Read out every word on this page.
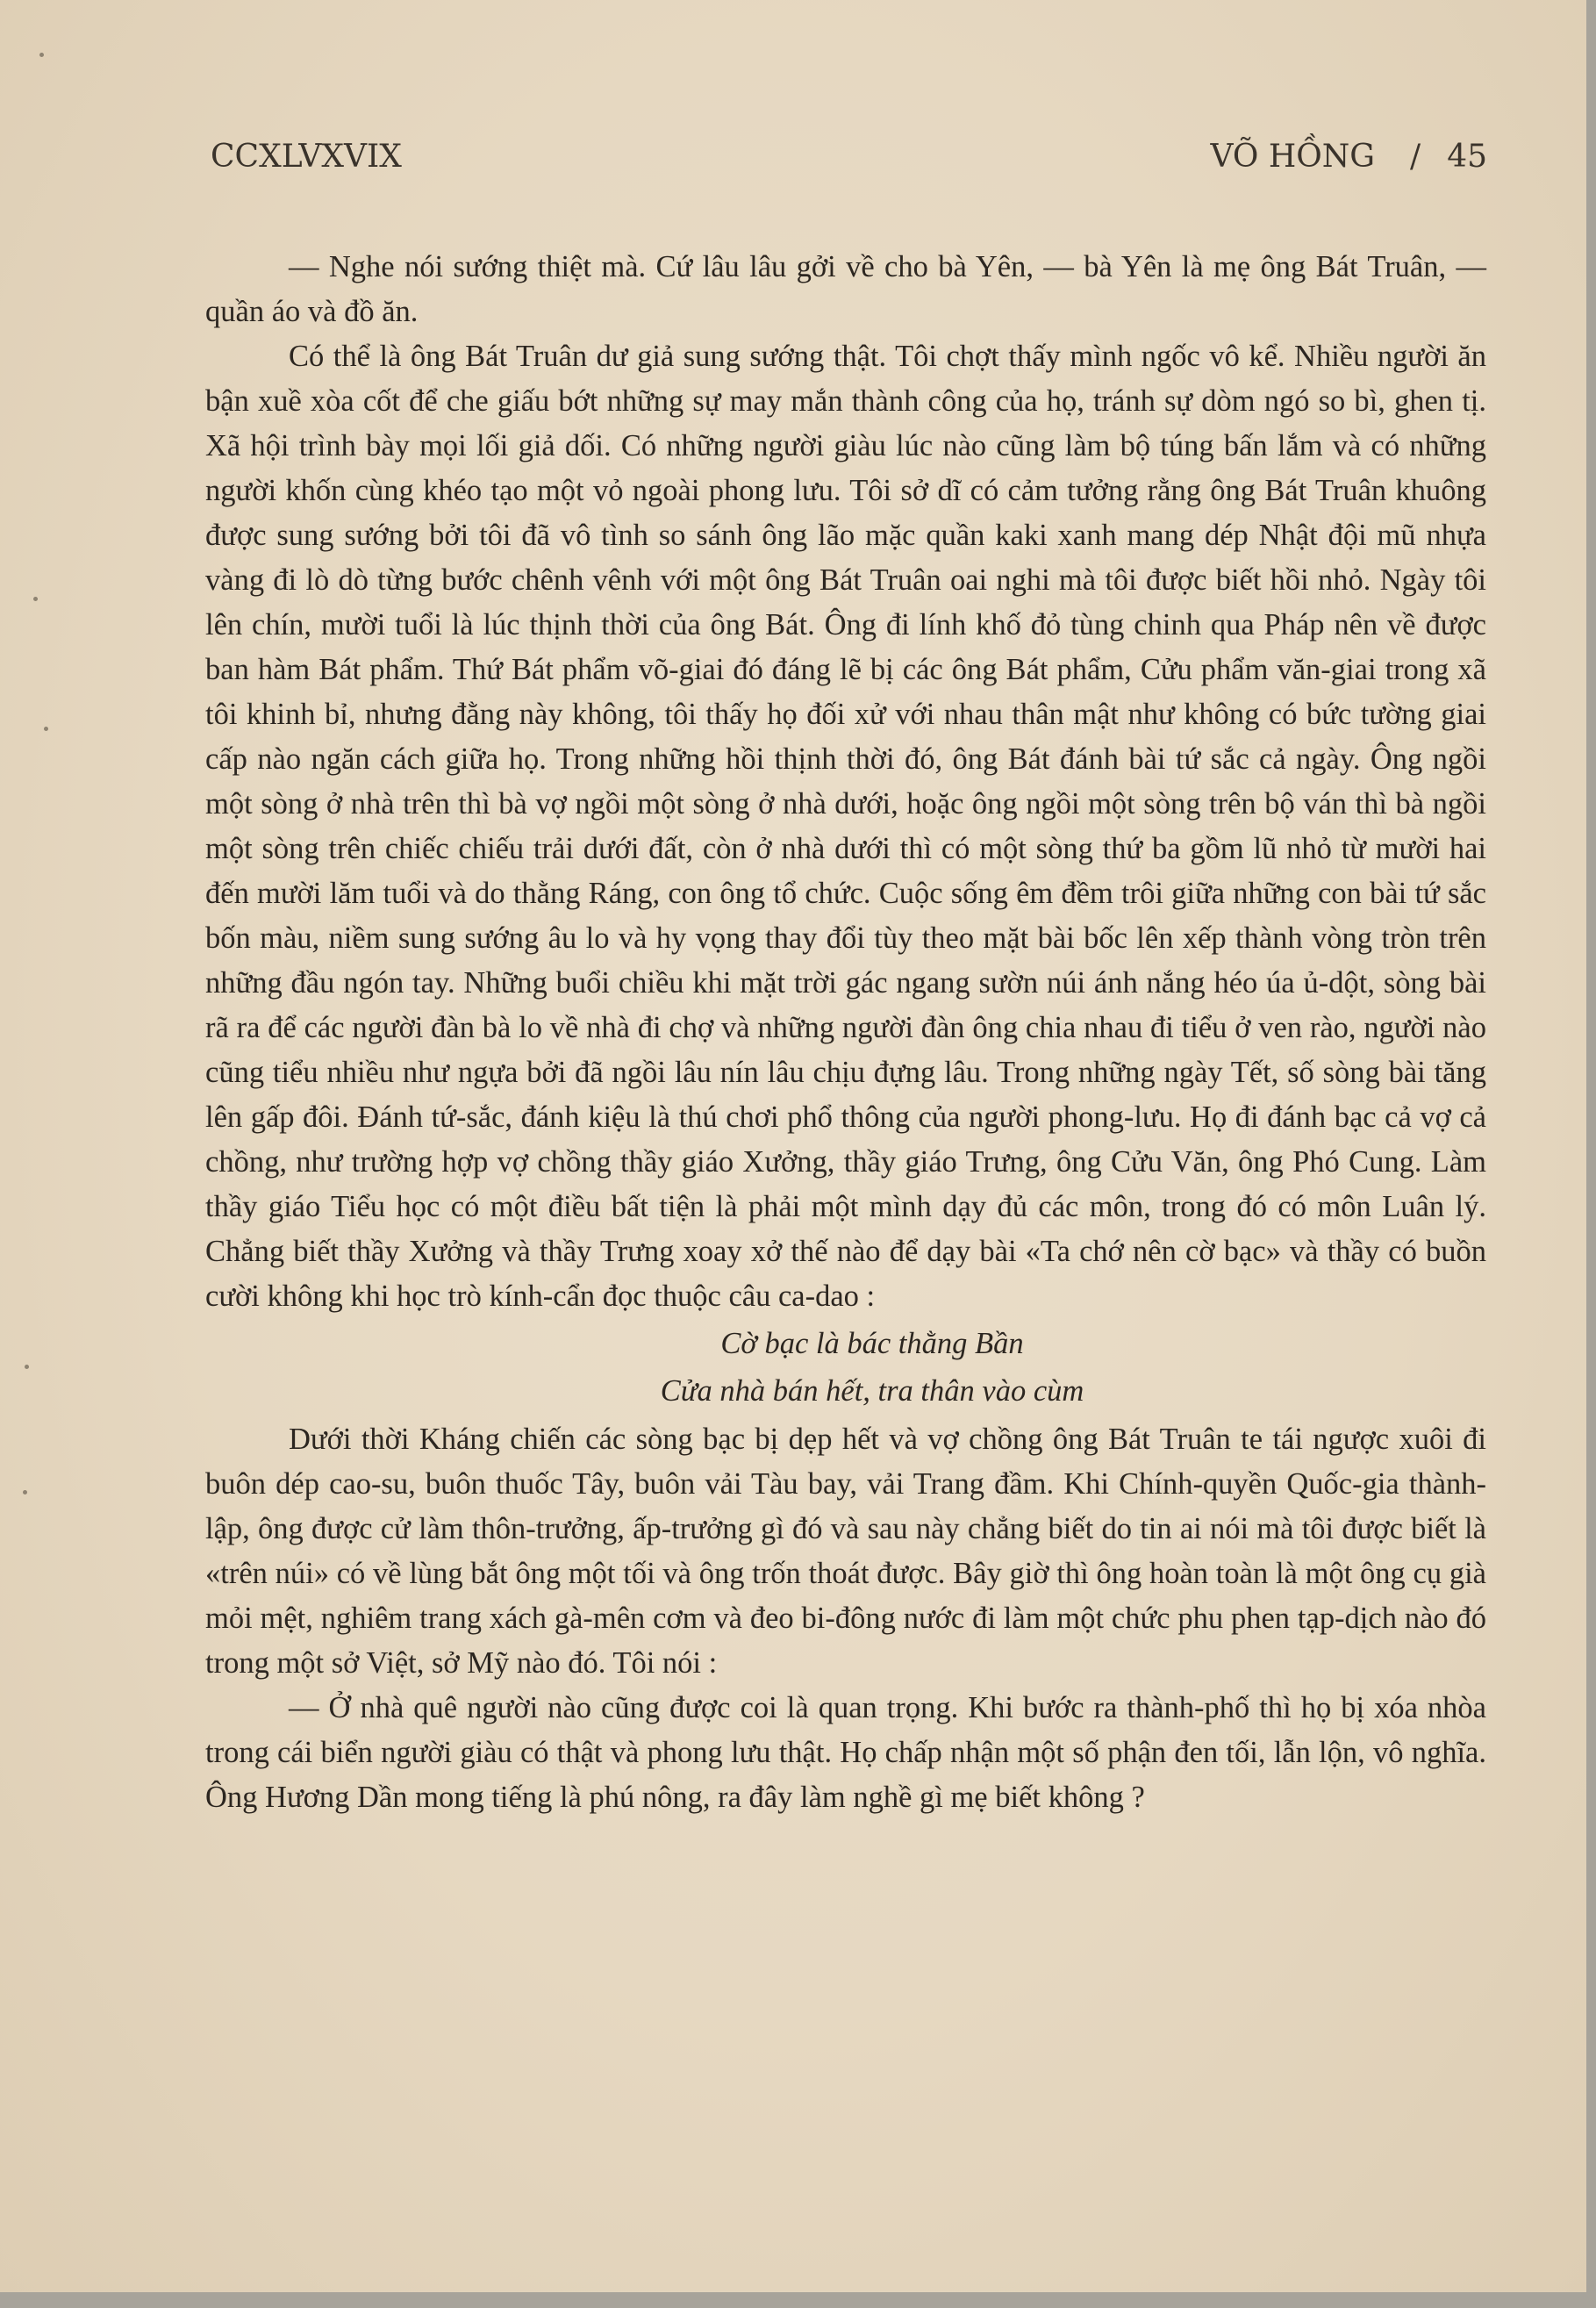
CCXLVXVIX	VÕ HỒNG / 45

— Nghe nói sướng thiệt mà. Cứ lâu lâu gởi về cho bà Yên, — bà Yên là mẹ ông Bát Truân, — quần áo và đồ ăn.

Có thể là ông Bát Truân dư giả sung sướng thật. Tôi chợt thấy mình ngốc vô kể. Nhiều người ăn bận xuề xòa cốt để che giấu bớt những sự may mắn thành công của họ, tránh sự dòm ngó so bì, ghen tị. Xã hội trình bày mọi lối giả dối. Có những người giàu lúc nào cũng làm bộ túng bấn lắm và có những người khốn cùng khéo tạo một vỏ ngoài phong lưu. Tôi sở dĩ có cảm tưởng rằng ông Bát Truân khuông được sung sướng bởi tôi đã vô tình so sánh ông lão mặc quần kaki xanh mang dép Nhật đội mũ nhựa vàng đi lò dò từng bước chênh vênh với một ông Bát Truân oai nghi mà tôi được biết hồi nhỏ. Ngày tôi lên chín, mười tuổi là lúc thịnh thời của ông Bát. Ông đi lính khố đỏ tùng chinh qua Pháp nên về được ban hàm Bát phẩm. Thứ Bát phẩm võ-giai đó đáng lẽ bị các ông Bát phẩm, Cửu phẩm văn-giai trong xã tôi khinh bỉ, nhưng đằng này không, tôi thấy họ đối xử với nhau thân mật như không có bức tường giai cấp nào ngăn cách giữa họ. Trong những hồi thịnh thời đó, ông Bát đánh bài tứ sắc cả ngày. Ông ngồi một sòng ở nhà trên thì bà vợ ngồi một sòng ở nhà dưới, hoặc ông ngồi một sòng trên bộ ván thì bà ngồi một sòng trên chiếc chiếu trải dưới đất, còn ở nhà dưới thì có một sòng thứ ba gồm lũ nhỏ từ mười hai đến mười lăm tuổi và do thằng Ráng, con ông tổ chức. Cuộc sống êm đềm trôi giữa những con bài tứ sắc bốn màu, niềm sung sướng âu lo và hy vọng thay đổi tùy theo mặt bài bốc lên xếp thành vòng tròn trên những đầu ngón tay. Những buổi chiều khi mặt trời gác ngang sườn núi ánh nắng héo úa ủ-dột, sòng bài rã ra để các người đàn bà lo về nhà đi chợ và những người đàn ông chia nhau đi tiểu ở ven rào, người nào cũng tiểu nhiều như ngựa bởi đã ngồi lâu nín lâu chịu đựng lâu. Trong những ngày Tết, số sòng bài tăng lên gấp đôi. Đánh tứ-sắc, đánh kiệu là thú chơi phổ thông của người phong-lưu. Họ đi đánh bạc cả vợ cả chồng, như trường hợp vợ chồng thầy giáo Xưởng, thầy giáo Trưng, ông Cửu Văn, ông Phó Cung. Làm thầy giáo Tiểu học có một điều bất tiện là phải một mình dạy đủ các môn, trong đó có môn Luân lý. Chẳng biết thầy Xưởng và thầy Trưng xoay xở thế nào để dạy bài «Ta chớ nên cờ bạc» và thầy có buồn cười không khi học trò kính-cẩn đọc thuộc câu ca-dao :

Cờ bạc là bác thằng Bần

Cửa nhà bán hết, tra thân vào cùm

Dưới thời Kháng chiến các sòng bạc bị dẹp hết và vợ chồng ông Bát Truân te tái ngược xuôi đi buôn dép cao-su, buôn thuốc Tây, buôn vải Tàu bay, vải Trang đầm. Khi Chính-quyền Quốc-gia thành-lập, ông được cử làm thôn-trưởng, ấp-trưởng gì đó và sau này chẳng biết do tin ai nói mà tôi được biết là «trên núi» có về lùng bắt ông một tối và ông trốn thoát được. Bây giờ thì ông hoàn toàn là một ông cụ già mỏi mệt, nghiêm trang xách gà-mên cơm và đeo bi-đông nước đi làm một chức phu phen tạp-dịch nào đó trong một sở Việt, sở Mỹ nào đó. Tôi nói :

— Ở nhà quê người nào cũng được coi là quan trọng. Khi bước ra thành-phố thì họ bị xóa nhòa trong cái biển người giàu có thật và phong lưu thật. Họ chấp nhận một số phận đen tối, lẫn lộn, vô nghĩa. Ông Hương Dần mong tiếng là phú nông, ra đây làm nghề gì mẹ biết không ?
